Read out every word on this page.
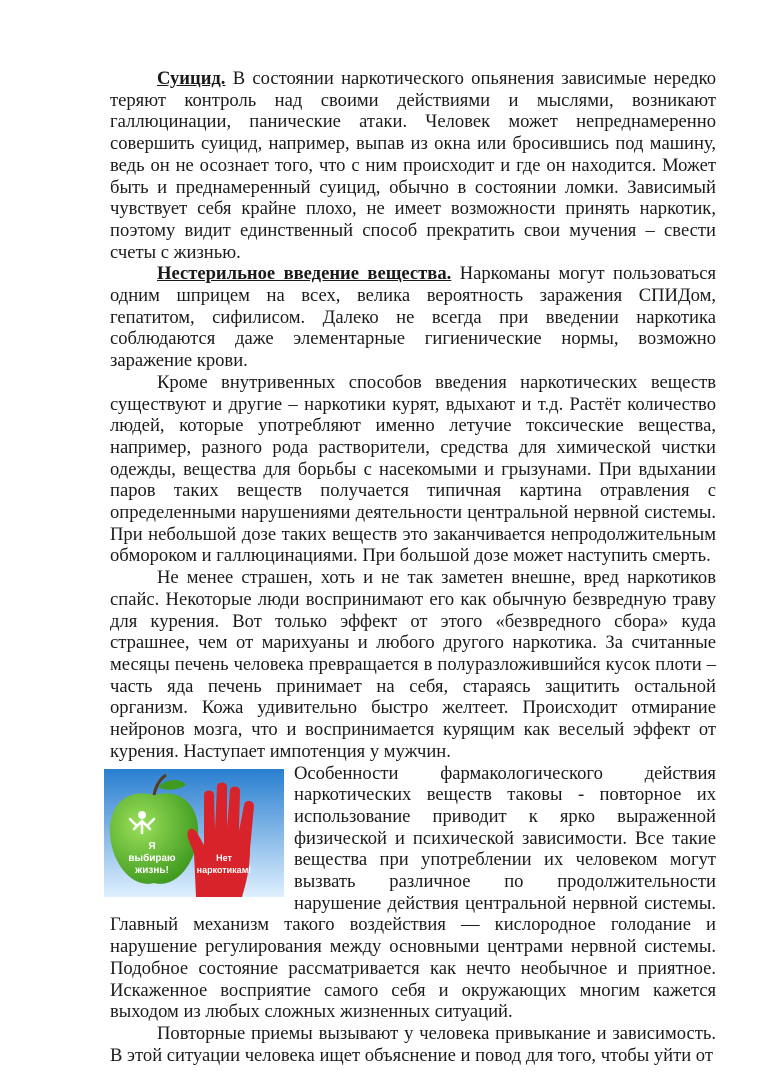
Суицид. В состоянии наркотического опьянения зависимые нередко теряют контроль над своими действиями и мыслями, возникают галлюцинации, панические атаки. Человек может непреднамеренно совершить суицид, например, выпав из окна или бросившись под машину, ведь он не осознает того, что с ним происходит и где он находится. Может быть и преднамеренный суицид, обычно в состоянии ломки. Зависимый чувствует себя крайне плохо, не имеет возможности принять наркотик, поэтому видит единственный способ прекратить свои мучения – свести счеты с жизнью.

Нестерильное введение вещества. Наркоманы могут пользоваться одним шприцем на всех, велика вероятность заражения СПИДом, гепатитом, сифилисом. Далеко не всегда при введении наркотика соблюдаются даже элементарные гигиенические нормы, возможно заражение крови.

Кроме внутривенных способов введения наркотических веществ существуют и другие – наркотики курят, вдыхают и т.д. Растёт количество людей, которые употребляют именно летучие токсические вещества, например, разного рода растворители, средства для химической чистки одежды, вещества для борьбы с насекомыми и грызунами. При вдыхании паров таких веществ получается типичная картина отравления с определенными нарушениями деятельности центральной нервной системы. При небольшой дозе таких веществ это заканчивается непродолжительным обмороком и галлюцинациями. При большой дозе может наступить смерть.

Не менее страшен, хоть и не так заметен внешне, вред наркотиков спайс. Некоторые люди воспринимают его как обычную безвредную траву для курения. Вот только эффект от этого «безвредного сбора» куда страшнее, чем от марихуаны и любого другого наркотика. За считанные месяцы печень человека превращается в полуразложившийся кусок плоти – часть яда печень принимает на себя, стараясь защитить остальной организм. Кожа удивительно быстро желтеет. Происходит отмирание нейронов мозга, что и воспринимается курящим как веселый эффект от курения. Наступает импотенция у мужчин.

Я
выбираю
жизнь!
Нет
наркотикам!
Особенности фармакологического действия наркотических веществ таковы - повторное их использование приводит к ярко выраженной физической и психической зависимости. Все такие вещества при употреблении их человеком могут вызвать различное по продолжительности нарушение действия центральной нервной системы. Главный механизм такого воздействия — кислородное голодание и нарушение регулирования между основными центрами нервной системы. Подобное состояние рассматривается как нечто необычное и приятное. Искаженное восприятие самого себя и окружающих многим кажется выходом из любых сложных жизненных ситуаций.

Повторные приемы вызывают у человека привыкание и зависимость. В этой ситуации человека ищет объяснение и повод для того, чтобы уйти от
